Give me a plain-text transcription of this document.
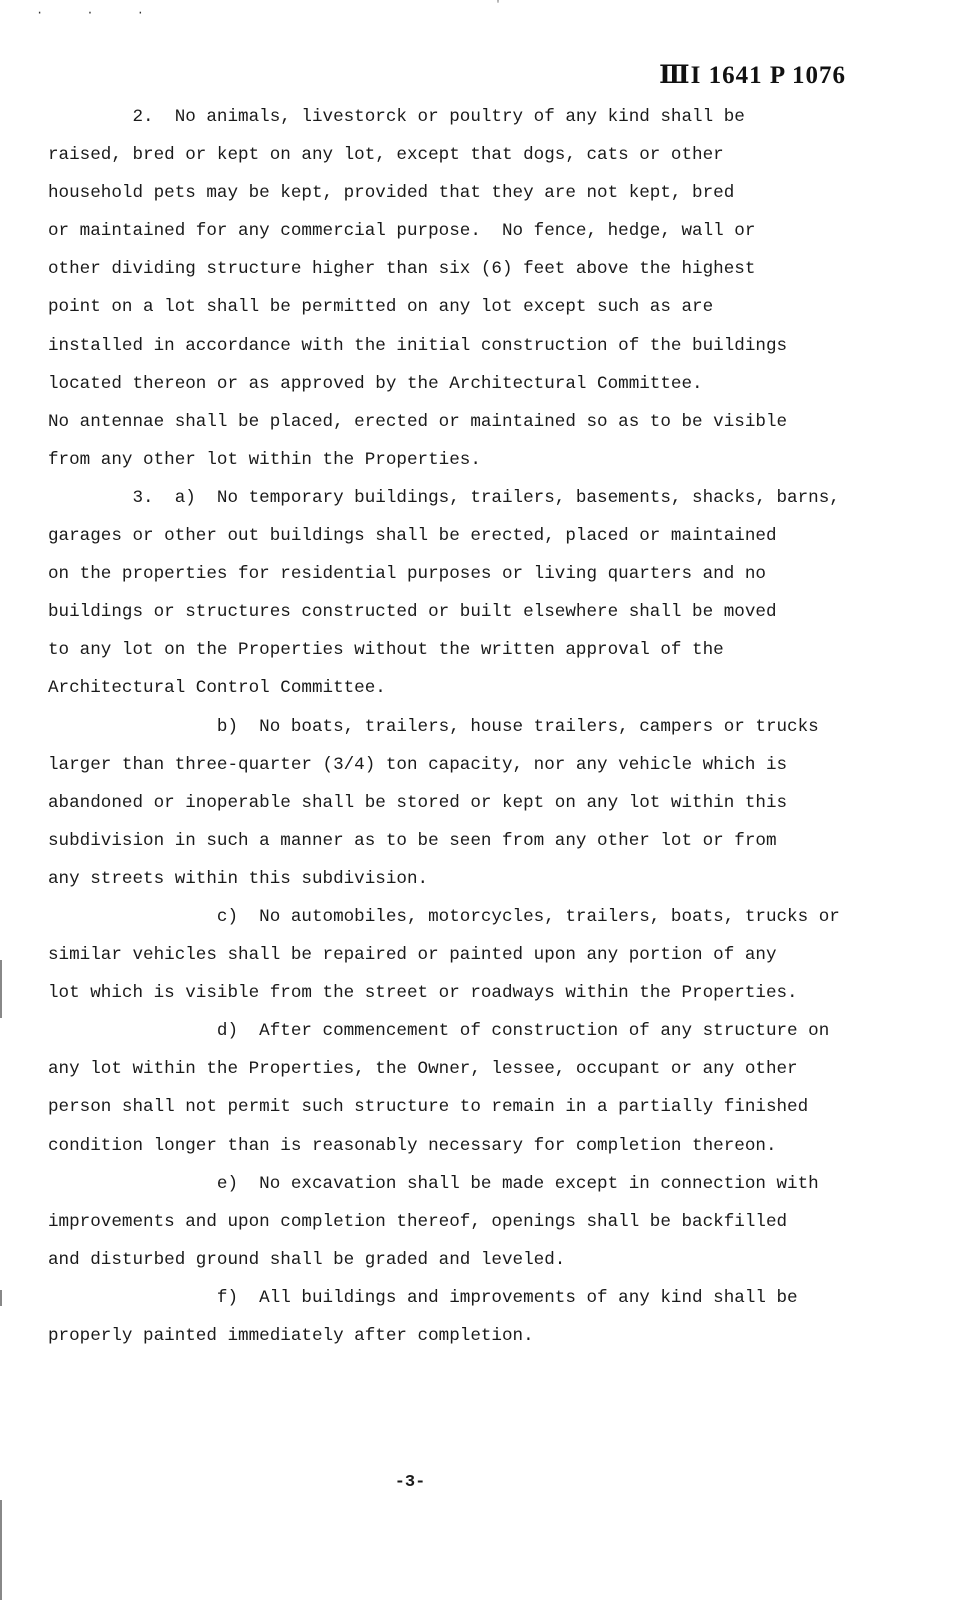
· · ·
'
ⅢI 1641 P 1076
2.  No animals, livestorck or poultry of any kind shall be
raised, bred or kept on any lot, except that dogs, cats or other
household pets may be kept, provided that they are not kept, bred
or maintained for any commercial purpose.  No fence, hedge, wall or
other dividing structure higher than six (6) feet above the highest
point on a lot shall be permitted on any lot except such as are
installed in accordance with the initial construction of the buildings
located thereon or as approved by the Architectural Committee.
No antennae shall be placed, erected or maintained so as to be visible
from any other lot within the Properties.
3.  a)  No temporary buildings, trailers, basements, shacks, barns,
garages or other out buildings shall be erected, placed or maintained
on the properties for residential purposes or living quarters and no
buildings or structures constructed or built elsewhere shall be moved
to any lot on the Properties without the written approval of the
Architectural Control Committee.
b)  No boats, trailers, house trailers, campers or trucks
larger than three-quarter (3/4) ton capacity, nor any vehicle which is
abandoned or inoperable shall be stored or kept on any lot within this
subdivision in such a manner as to be seen from any other lot or from
any streets within this subdivision.
c)  No automobiles, motorcycles, trailers, boats, trucks or
similar vehicles shall be repaired or painted upon any portion of any
lot which is visible from the street or roadways within the Properties.
d)  After commencement of construction of any structure on
any lot within the Properties, the Owner, lessee, occupant or any other
person shall not permit such structure to remain in a partially finished
condition longer than is reasonably necessary for completion thereon.
e)  No excavation shall be made except in connection with
improvements and upon completion thereof, openings shall be backfilled
and disturbed ground shall be graded and leveled.
f)  All buildings and improvements of any kind shall be
properly painted immediately after completion.
-3-
